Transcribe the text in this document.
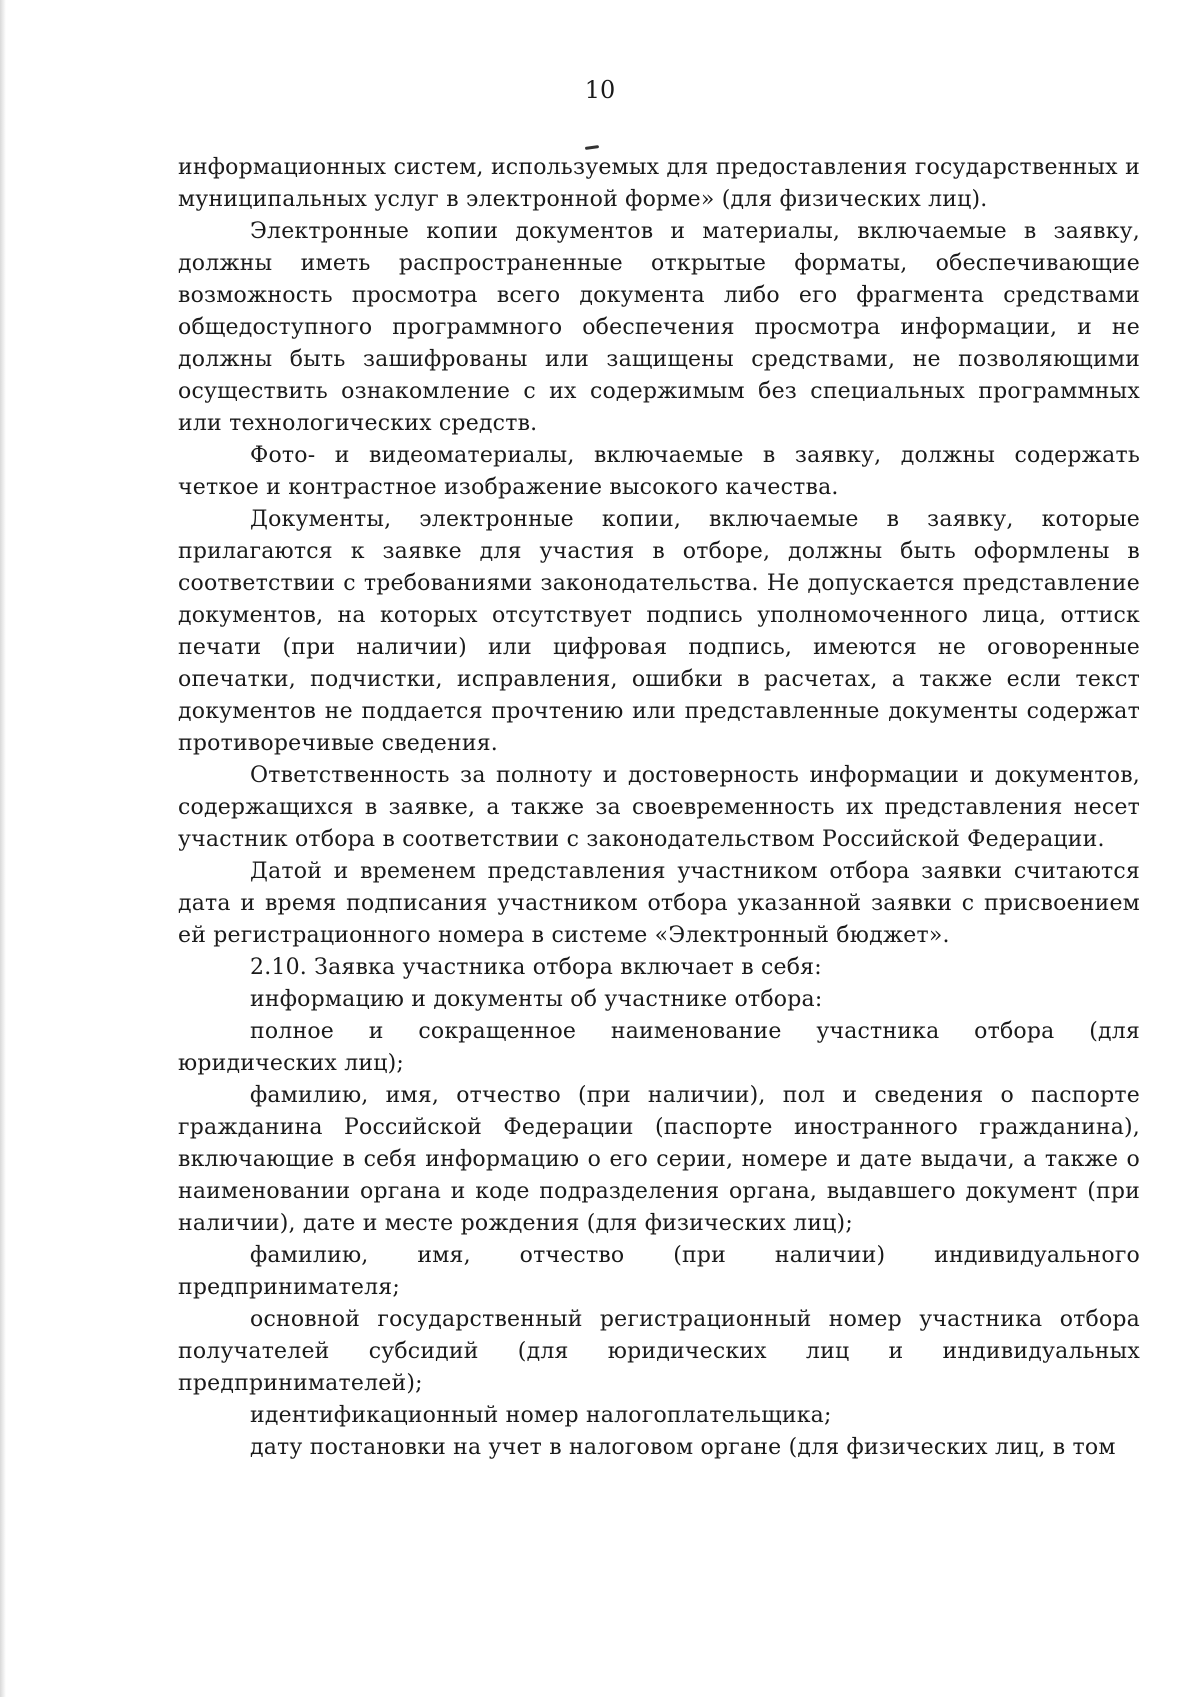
10

информационных систем, используемых для предоставления государственных и муниципальных услуг в электронной форме» (для физических лиц).

Электронные копии документов и материалы, включаемые в заявку, должны иметь распространенные открытые форматы, обеспечивающие возможность просмотра всего документа либо его фрагмента средствами общедоступного программного обеспечения просмотра информации, и не должны быть зашифрованы или защищены средствами, не позволяющими осуществить ознакомление с их содержимым без специальных программных или технологических средств.

Фото- и видеоматериалы, включаемые в заявку, должны содержать четкое и контрастное изображение высокого качества.

Документы, электронные копии, включаемые в заявку, которые прилагаются к заявке для участия в отборе, должны быть оформлены в соответствии с требованиями законодательства. Не допускается представление документов, на которых отсутствует подпись уполномоченного лица, оттиск печати (при наличии) или цифровая подпись, имеются не оговоренные опечатки, подчистки, исправления, ошибки в расчетах, а также если текст документов не поддается прочтению или представленные документы содержат противоречивые сведения.

Ответственность за полноту и достоверность информации и документов, содержащихся в заявке, а также за своевременность их представления несет участник отбора в соответствии с законодательством Российской Федерации.

Датой и временем представления участником отбора заявки считаются дата и время подписания участником отбора указанной заявки с присвоением ей регистрационного номера в системе «Электронный бюджет».

2.10. Заявка участника отбора включает в себя:

информацию и документы об участнике отбора:

полное и сокращенное наименование участника отбора (для юридических лиц);

фамилию, имя, отчество (при наличии), пол и сведения о паспорте гражданина Российской Федерации (паспорте иностранного гражданина), включающие в себя информацию о его серии, номере и дате выдачи, а также о наименовании органа и коде подразделения органа, выдавшего документ (при наличии), дате и месте рождения (для физических лиц);

фамилию, имя, отчество (при наличии) индивидуального предпринимателя;

основной государственный регистрационный номер участника отбора получателей субсидий (для юридических лиц и индивидуальных предпринимателей);

идентификационный номер налогоплательщика;

дату постановки на учет в налоговом органе (для физических лиц, в том
